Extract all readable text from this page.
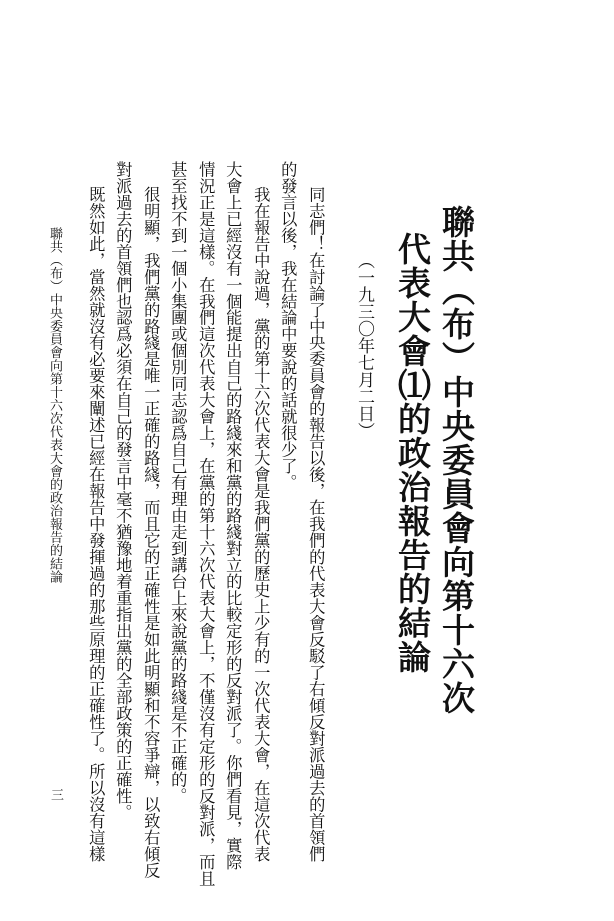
聯共（布）中央委員會向第十六次
代表大會⑴的政治報告的結論
（一九三〇年七月二日）
同志們！在討論了中央委員會的報告以後，在我們的代表大會反駁了右傾反對派過去的首領們
的發言以後，我在結論中要說的話就很少了。
我在報告中說過，黨的第十六次代表大會是我們黨的歷史上少有的一次代表大會，在這次代表
大會上已經沒有一個能提出自己的路綫來和黨的路綫對立的比較定形的反對派了。你們看見，實際
情況正是這樣。在我們這次代表大會上，在黨的第十六次代表大會上，不僅沒有定形的反對派，而且
甚至找不到一個小集團或個別同志認爲自己有理由走到講台上來說黨的路綫是不正確的。
很明顯，我們黨的路綫是唯一正確的路綫，而且它的正確性是如此明顯和不容爭辯，以致右傾反
對派過去的首領們也認爲必須在自己的發言中毫不猶豫地着重指出黨的全部政策的正確性。
既然如此，當然就沒有必要來闡述已經在報告中發揮過的那些原理的正確性了。所以沒有這樣
聯共（布）中央委員會向第十六次代表大會的政治報告的結論
三
